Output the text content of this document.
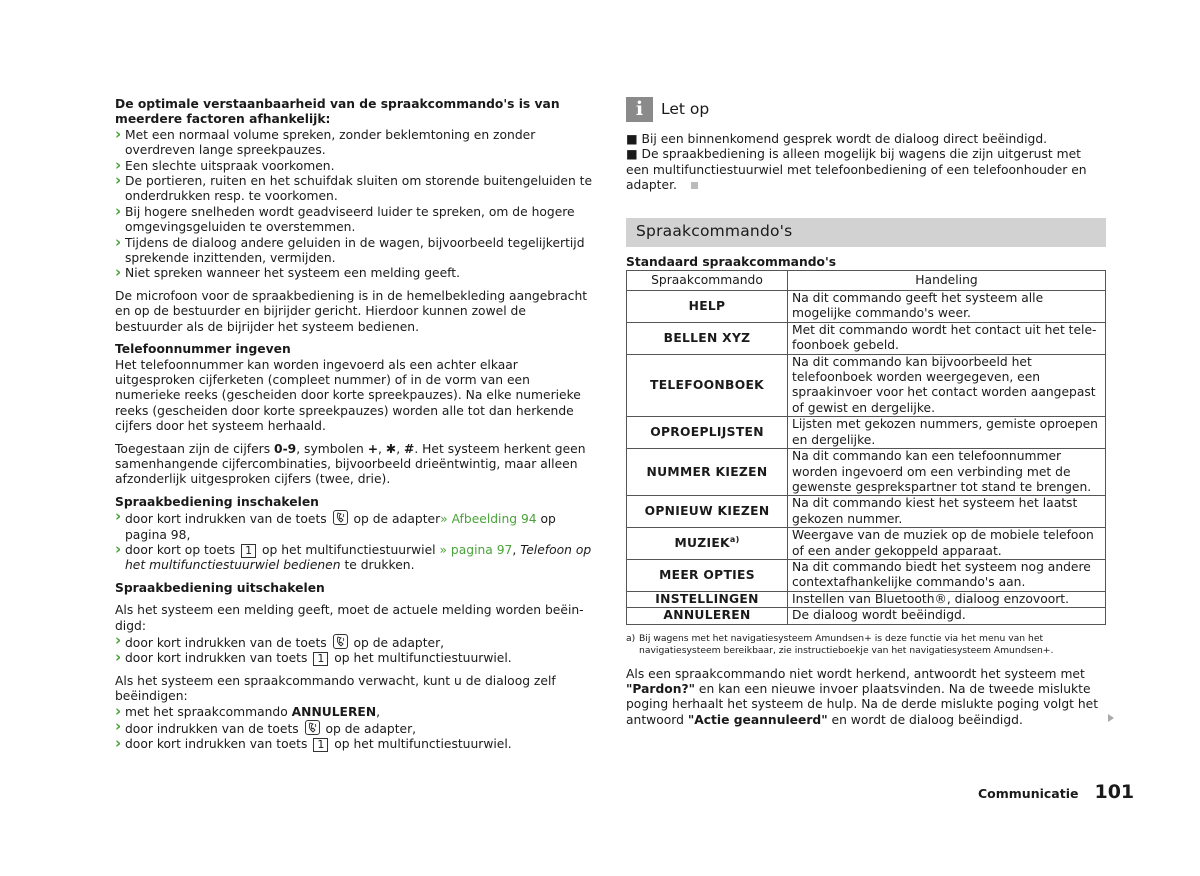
De optimale verstaanbaarheid van de spraakcommando's is van meerdere factoren afhankelijk:

› Met een normaal volume spreken, zonder beklemtoning en zonder overdreven lange spreekpauzes.
› Een slechte uitspraak voorkomen.
› De portieren, ruiten en het schuifdak sluiten om storende buitengeluiden te onderdrukken resp. te voorkomen.
› Bij hogere snelheden wordt geadviseerd luider te spreken, om de hogere omgevingsgeluiden te overstemmen.
› Tijdens de dialoog andere geluiden in de wagen, bijvoorbeeld tegelijkertijd sprekende inzittenden, vermijden.
› Niet spreken wanneer het systeem een melding geeft.

De microfoon voor de spraakbediening is in de hemelbekleding aangebracht en op de bestuurder en bijrijder gericht. Hierdoor kunnen zowel de bestuurder als de bijrijder het systeem bedienen.

Telefoonnummer ingeven

Het telefoonnummer kan worden ingevoerd als een achter elkaar uitgesproken cijferketen (compleet nummer) of in de vorm van een numerieke reeks (gescheiden door korte spreekpauzes). Na elke numerieke reeks (gescheiden door korte spreekpauzes) worden alle tot dan herkende cijfers door het systeem herhaald.

Toegestaan zijn de cijfers 0-9, symbolen +, ✱, #. Het systeem herkent geen samenhangende cijfercombinaties, bijvoorbeeld drieëntwintig, maar alleen afzonderlijk uitgesproken cijfers (twee, drie).

Spraakbediening inschakelen

› door kort indrukken van de toets
op de adapter» Afbeelding 94 op pagina 98,
› door kort op toets 1 op het multifunctiestuurwiel » pagina 97, Telefoon op het multifunctiestuurwiel bedienen te drukken.

Spraakbediening uitschakelen

Als het systeem een melding geeft, moet de actuele melding worden beëindigd:

› door kort indrukken van de toets
op de adapter,
› door kort indrukken van toets 1 op het multifunctiestuurwiel.

Als het systeem een spraakcommando verwacht, kunt u de dialoog zelf beëindigen:

› met het spraakcommando ANNULEREN,
› door indrukken van de toets
op de adapter,
› door kort indrukken van toets 1 op het multifunctiestuurwiel.
i	Let op

■ Bij een binnenkomend gesprek wordt de dialoog direct beëindigd.

■ De spraakbediening is alleen mogelijk bij wagens die zijn uitgerust met een multifunctiestuurwiel met telefoonbediening of een telefoonhouder en adapter.

Spraakcommando's
Standaard spraakcommando's
Spraakcommando	Handeling
HELP	Na dit commando geeft het systeem alle mogelijke commando's weer.
BELLEN XYZ	Met dit commando wordt het contact uit het telefoonboek gebeld.
TELEFOONBOEK	Na dit commando kan bijvoorbeeld het telefoonboek worden weergegeven, een spraakinvoer voor het contact worden aangepast of gewist en dergelijke.
OPROEPLIJSTEN	Lijsten met gekozen nummers, gemiste oproepen en dergelijke.
NUMMER KIEZEN	Na dit commando kan een telefoonnummer worden ingevoerd om een verbinding met de gewenste gesprekspartner tot stand te brengen.
OPNIEUW KIEZEN	Na dit commando kiest het systeem het laatst gekozen nummer.
MUZIEK$^{a)}$	Weergave van de muziek op de mobiele telefoon of een ander gekoppeld apparaat.
MEER OPTIES	Na dit commando biedt het systeem nog andere contextafhankelijke commando's aan.
INSTELLINGEN	Instellen van Bluetooth®, dialoog enzovoort.
ANNULEREN	De dialoog wordt beëindigd.
a) Bij wagens met het navigatiesysteem Amundsen+ is deze functie via het menu van het navigatiesysteem bereikbaar, zie instructieboekje van het navigatiesysteem Amundsen+.

Als een spraakcommando niet wordt herkend, antwoordt het systeem met "Pardon?" en kan een nieuwe invoer plaatsvinden. Na de tweede mislukte poging herhaalt het systeem de hulp. Na de derde mislukte poging volgt het antwoord "Actie geannuleerd" en wordt de dialoog beëindigd.

Communicatie 101
